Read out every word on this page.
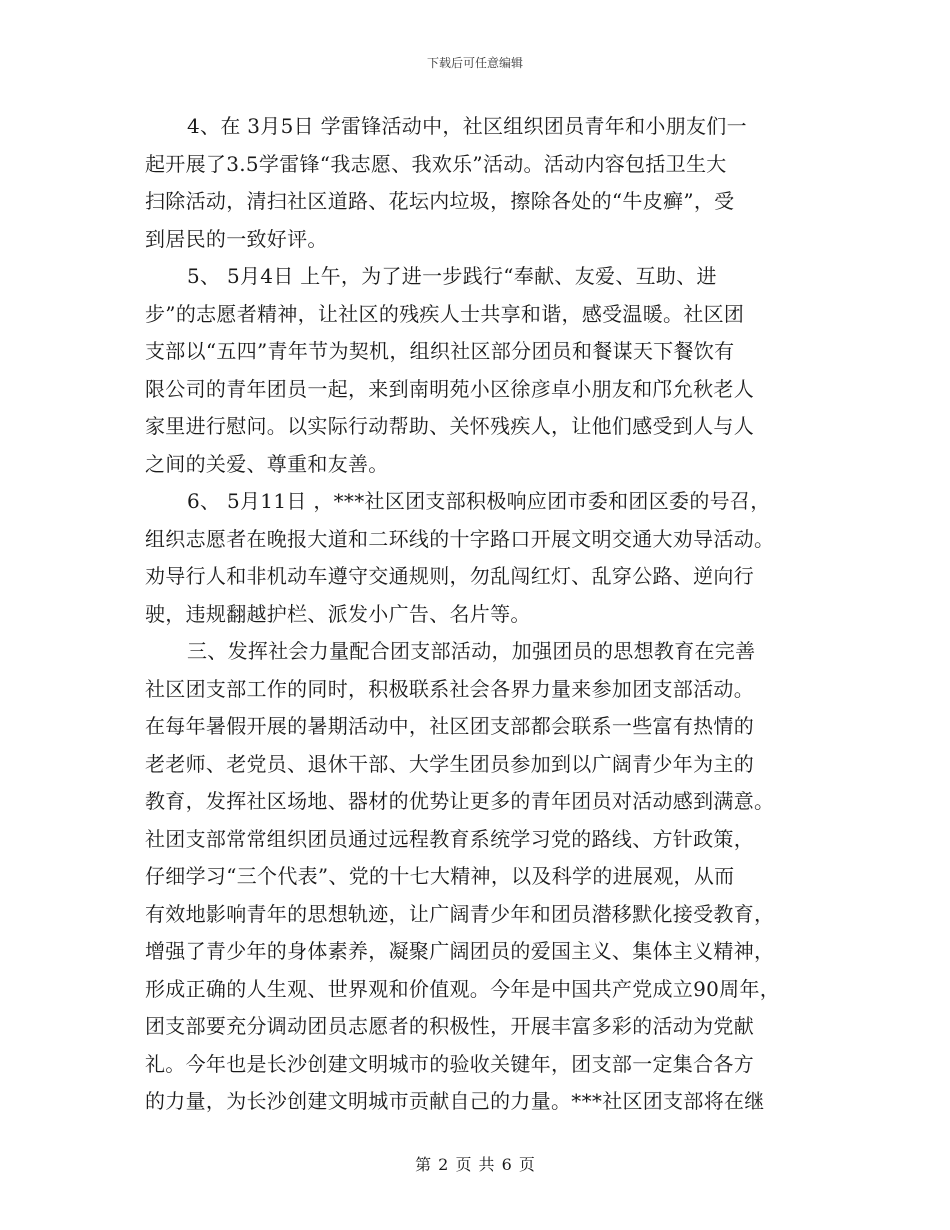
下载后可任意编辑
4、在 3月5日 学雷锋活动中，社区组织团员青年和小朋友们一
起开展了3.5学雷锋“我志愿、我欢乐”活动。活动内容包括卫生大
扫除活动，清扫社区道路、花坛内垃圾，擦除各处的“牛皮癣”，受
到居民的一致好评。
5、 5月4日 上午，为了进一步践行“奉献、友爱、互助、进
步”的志愿者精神，让社区的残疾人士共享和谐，感受温暖。社区团
支部以“五四”青年节为契机，组织社区部分团员和餐谋天下餐饮有
限公司的青年团员一起，来到南明苑小区徐彦卓小朋友和邝允秋老人
家里进行慰问。以实际行动帮助、关怀残疾人，让他们感受到人与人
之间的关爱、尊重和友善。
6、 5月11日 ，***社区团支部积极响应团市委和团区委的号召，
组织志愿者在晚报大道和二环线的十字路口开展文明交通大劝导活动。
劝导行人和非机动车遵守交通规则，勿乱闯红灯、乱穿公路、逆向行
驶，违规翻越护栏、派发小广告、名片等。
三、发挥社会力量配合团支部活动，加强团员的思想教育在完善
社区团支部工作的同时，积极联系社会各界力量来参加团支部活动。
在每年暑假开展的暑期活动中，社区团支部都会联系一些富有热情的
老老师、老党员、退休干部、大学生团员参加到以广阔青少年为主的
教育，发挥社区场地、器材的优势让更多的青年团员对活动感到满意。
社团支部常常组织团员通过远程教育系统学习党的路线、方针政策，
仔细学习“三个代表”、党的十七大精神，以及科学的进展观，从而
有效地影响青年的思想轨迹，让广阔青少年和团员潜移默化接受教育，
增强了青少年的身体素养，凝聚广阔团员的爱国主义、集体主义精神，
形成正确的人生观、世界观和价值观。今年是中国共产党成立90周年，
团支部要充分调动团员志愿者的积极性，开展丰富多彩的活动为党献
礼。今年也是长沙创建文明城市的验收关键年，团支部一定集合各方
的力量，为长沙创建文明城市贡献自己的力量。***社区团支部将在继
第 2 页 共 6 页
